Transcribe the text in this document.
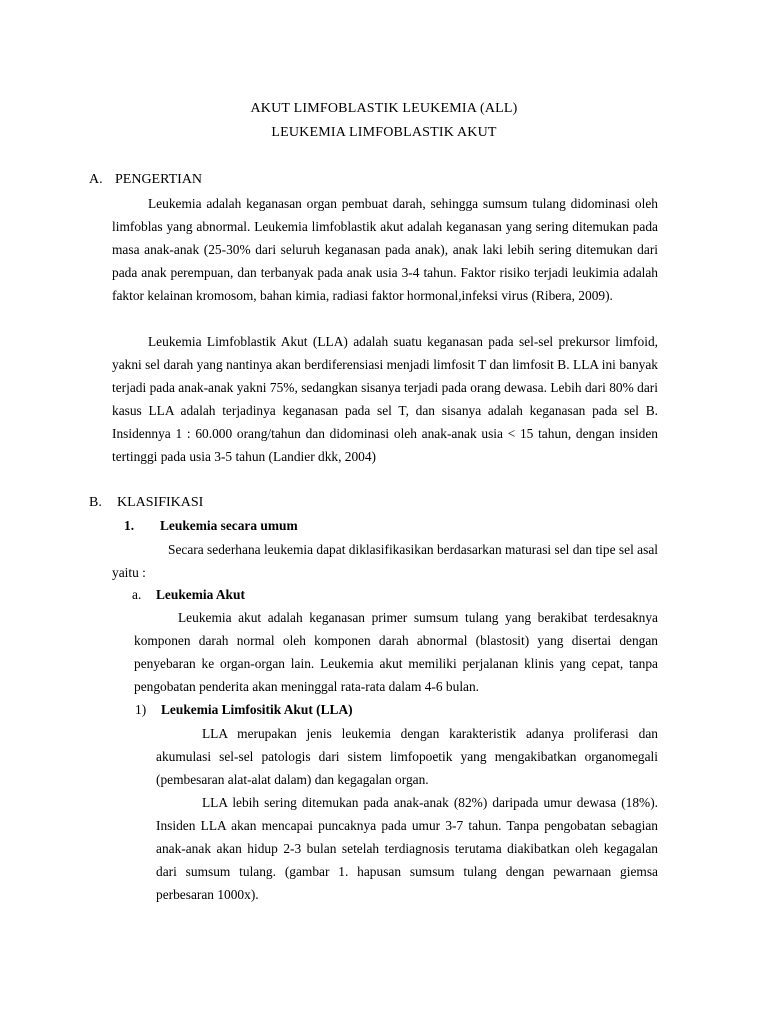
AKUT LIMFOBLASTIK LEUKEMIA (ALL)
LEUKEMIA LIMFOBLASTIK AKUT
A. PENGERTIAN

Leukemia adalah keganasan organ pembuat darah, sehingga sumsum tulang didominasi oleh limfoblas yang abnormal. Leukemia limfoblastik akut adalah keganasan yang sering ditemukan pada masa anak-anak (25-30% dari seluruh keganasan pada anak), anak laki lebih sering ditemukan dari pada anak perempuan, dan terbanyak pada anak usia 3-4 tahun. Faktor risiko terjadi leukimia adalah faktor kelainan kromosom, bahan kimia, radiasi faktor hormonal,infeksi virus (Ribera, 2009).

Leukemia Limfoblastik Akut (LLA) adalah suatu keganasan pada sel-sel prekursor limfoid, yakni sel darah yang nantinya akan berdiferensiasi menjadi limfosit T dan limfosit B. LLA ini banyak terjadi pada anak-anak yakni 75%, sedangkan sisanya terjadi pada orang dewasa. Lebih dari 80% dari kasus LLA adalah terjadinya keganasan pada sel T, dan sisanya adalah keganasan pada sel B. Insidennya 1 : 60.000 orang/tahun dan didominasi oleh anak-anak usia < 15 tahun, dengan insiden tertinggi pada usia 3-5 tahun (Landier dkk, 2004)

B. KLASIFIKASI
1. Leukemia secara umum

Secara sederhana leukemia dapat diklasifikasikan berdasarkan maturasi sel dan tipe sel asal yaitu :

a. Leukemia Akut

Leukemia akut adalah keganasan primer sumsum tulang yang berakibat terdesaknya komponen darah normal oleh komponen darah abnormal (blastosit) yang disertai dengan penyebaran ke organ-organ lain. Leukemia akut memiliki perjalanan klinis yang cepat, tanpa pengobatan penderita akan meninggal rata-rata dalam 4-6 bulan.

1) Leukemia Limfositik Akut (LLA)

LLA merupakan jenis leukemia dengan karakteristik adanya proliferasi dan akumulasi sel-sel patologis dari sistem limfopoetik yang mengakibatkan organomegali (pembesaran alat-alat dalam) dan kegagalan organ.

LLA lebih sering ditemukan pada anak-anak (82%) daripada umur dewasa (18%). Insiden LLA akan mencapai puncaknya pada umur 3-7 tahun. Tanpa pengobatan sebagian anak-anak akan hidup 2-3 bulan setelah terdiagnosis terutama diakibatkan oleh kegagalan dari sumsum tulang. (gambar 1. hapusan sumsum tulang dengan pewarnaan giemsa perbesaran 1000x).
